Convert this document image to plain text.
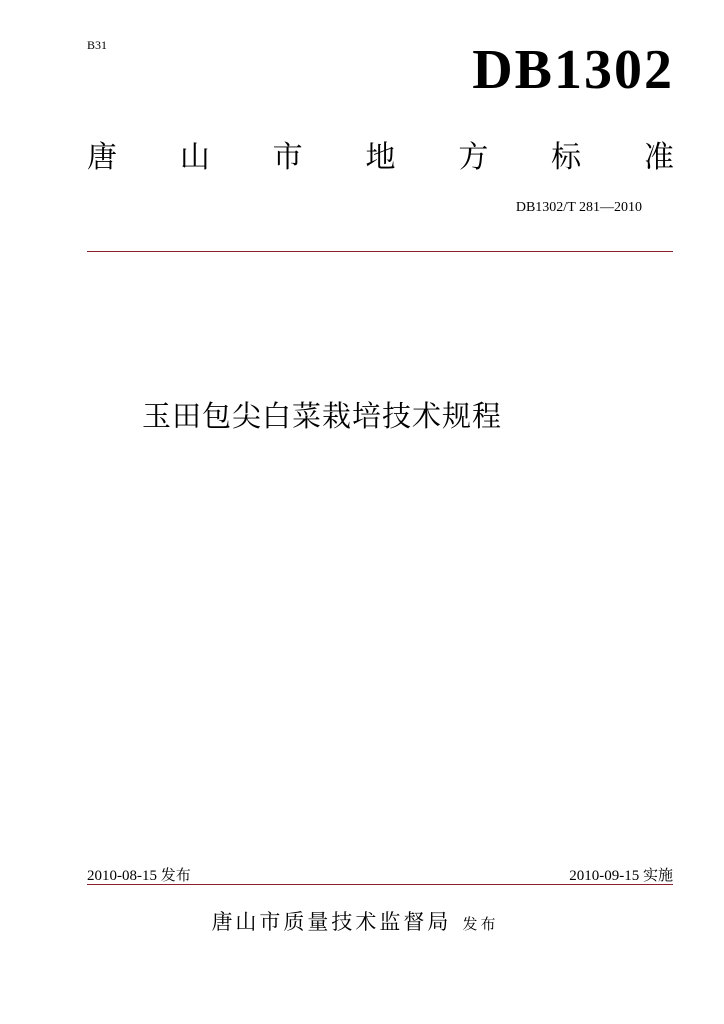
B31	DB1302
唐 山 市 地 方 标 准
DB1302/T 281—2010
玉田包尖白菜栽培技术规程
2010-08-15 发布	2010-09-15 实施
唐山市质量技术监督局 发布
